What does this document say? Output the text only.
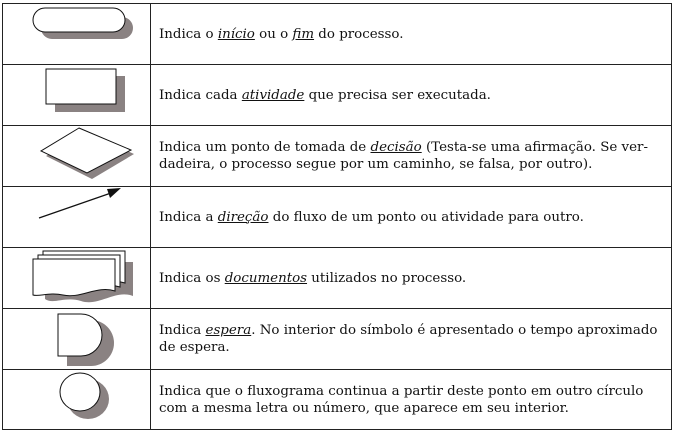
	Indica o início ou o fim do processo.

	Indica cada atividade que precisa ser executada.

	Indica um ponto de tomada de decisão (Testa-se uma afirmação. Se ver-
dadeira, o processo segue por um caminho, se falsa, por outro).

	Indica a direção do fluxo de um ponto ou atividade para outro.

	Indica os documentos utilizados no processo.

	Indica espera. No interior do símbolo é apresentado o tempo aproximado
de espera.

	Indica que o fluxograma continua a partir deste ponto em outro círculo
com a mesma letra ou número, que aparece em seu interior.
